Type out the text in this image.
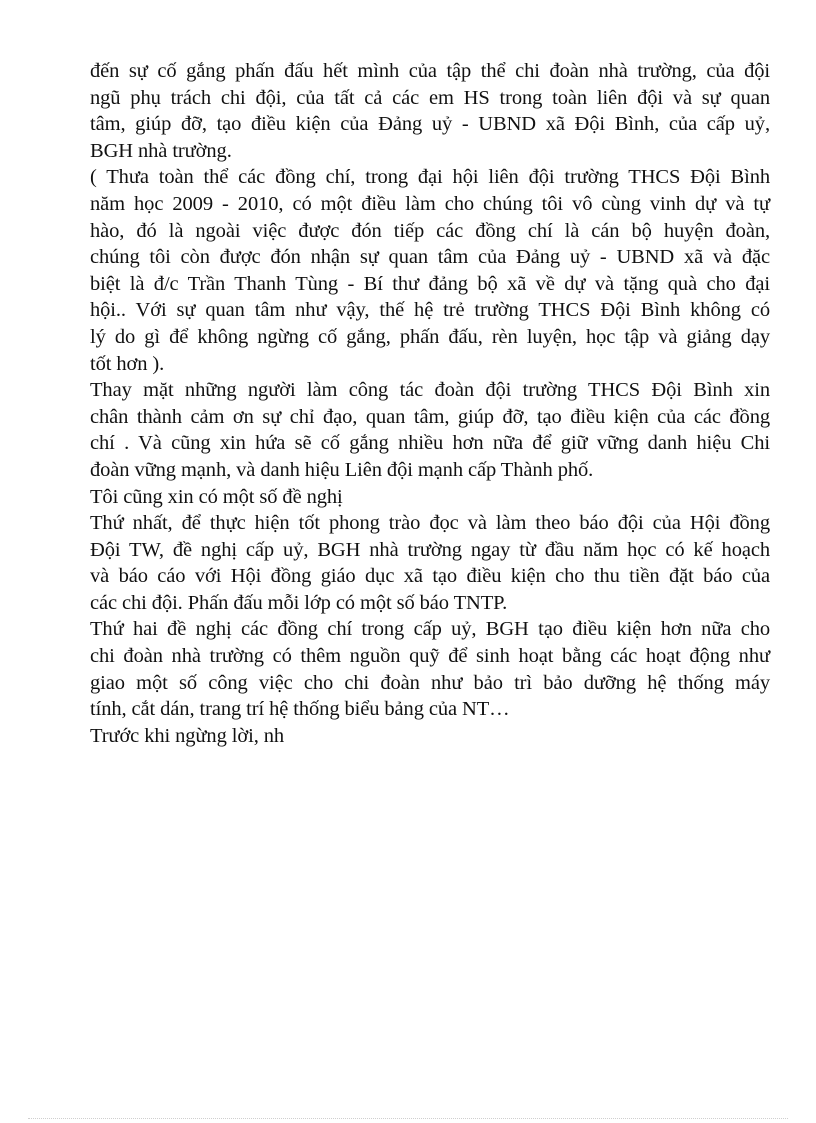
đến sự cố gắng phấn đấu hết mình của tập thể chi đoàn nhà trường, của đội
ngũ phụ trách chi đội, của tất cả các em HS trong toàn liên đội và sự quan
tâm, giúp đỡ, tạo điều kiện của Đảng uỷ - UBND xã Đội Bình, của cấp uỷ,
BGH nhà trường.

( Thưa toàn thể các đồng chí, trong đại hội liên đội trường THCS Đội Bình
năm học 2009 - 2010, có một điều làm cho chúng tôi vô cùng vinh dự và tự
hào, đó là ngoài việc được đón tiếp các đồng chí là cán bộ huyện đoàn,
chúng tôi còn được đón nhận sự quan tâm của Đảng uỷ - UBND xã và đặc
biệt là đ/c Trần Thanh Tùng - Bí thư đảng bộ xã về dự và tặng quà cho đại
hội.. Với sự quan tâm như vậy, thế hệ trẻ trường THCS Đội Bình không có
lý do gì để không ngừng cố gắng, phấn đấu, rèn luyện, học tập và giảng dạy
tốt hơn ).

Thay mặt những người làm công tác đoàn đội trường THCS Đội Bình xin
chân thành cảm ơn sự chỉ đạo, quan tâm, giúp đỡ, tạo điều kiện của các đồng
chí . Và cũng xin hứa sẽ cố gắng nhiều hơn nữa để giữ vững danh hiệu Chi
đoàn vững mạnh, và danh hiệu Liên đội mạnh cấp Thành phố.

Tôi cũng xin có một số đề nghị

Thứ nhất, để thực hiện tốt phong trào đọc và làm theo báo đội của Hội đồng
Đội TW, đề nghị cấp uỷ, BGH nhà trường ngay từ đầu năm học có kế hoạch
và báo cáo với Hội đồng giáo dục xã tạo điều kiện cho thu tiền đặt báo của
các chi đội. Phấn đấu mỗi lớp có một số báo TNTP.

Thứ hai đề nghị các đồng chí trong cấp uỷ, BGH tạo điều kiện hơn nữa cho
chi đoàn nhà trường có thêm nguồn quỹ để sinh hoạt bằng các hoạt động như
giao một số công việc cho chi đoàn như bảo trì bảo dưỡng hệ thống máy
tính, cắt dán, trang trí hệ thống biểu bảng của NT…

Trước khi ngừng lời, nh
